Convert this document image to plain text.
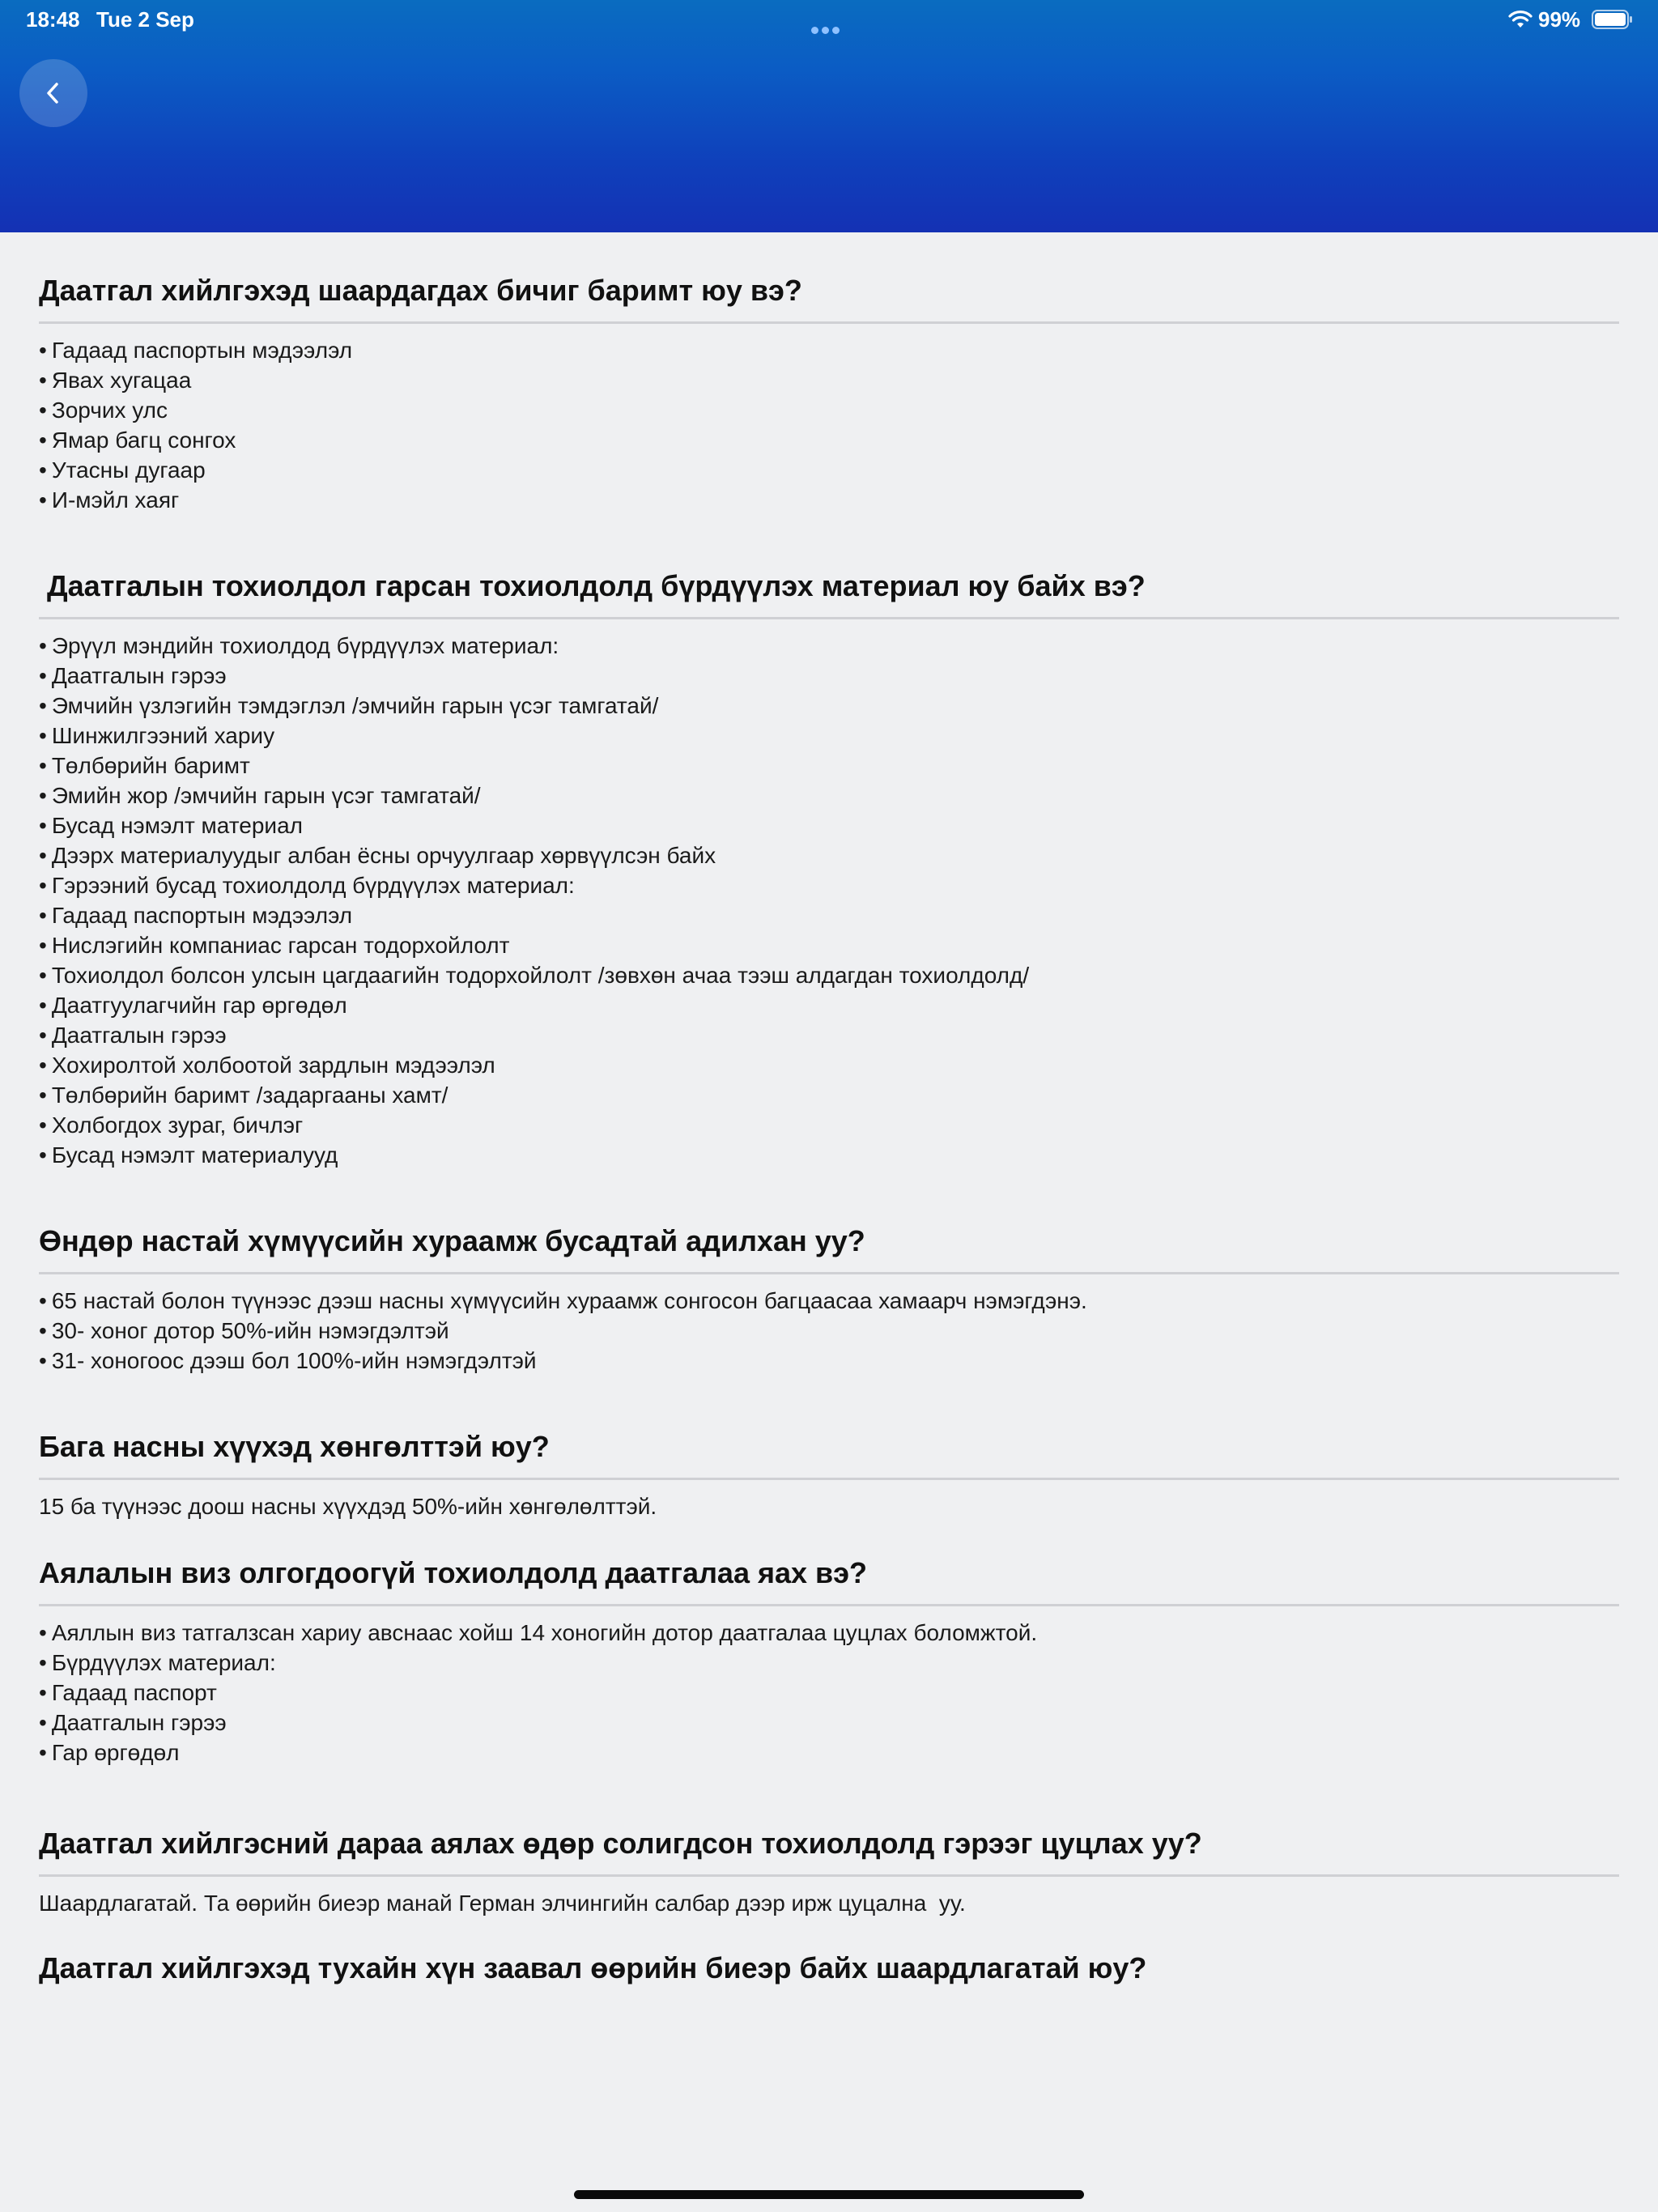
18:48 Tue 2 Sep	99%
Даатгал хийлгэхэд шаардагдах бичиг баримт юу вэ?
• Гадаад паспортын мэдээлэл
• Явах хугацаа
• Зорчих улс
• Ямар багц сонгох
• Утасны дугаар
• И-мэйл хаяг
Даатгалын тохиолдол гарсан тохиолдолд бүрдүүлэх материал юу байх вэ?
• Эрүүл мэндийн тохиолдод бүрдүүлэх материал:
• Даатгалын гэрээ
• Эмчийн үзлэгийн тэмдэглэл /эмчийн гарын үсэг тамгатай/
• Шинжилгээний хариу
• Төлбөрийн баримт
• Эмийн жор /эмчийн гарын үсэг тамгатай/
• Бусад нэмэлт материал
• Дээрх материалуудыг албан ёсны орчуулгаар хөрвүүлсэн байх
• Гэрээний бусад тохиолдолд бүрдүүлэх материал:
• Гадаад паспортын мэдээлэл
• Нислэгийн компаниас гарсан тодорхойлолт
• Тохиолдол болсон улсын цагдаагийн тодорхойлолт /зөвхөн ачаа тээш алдагдан тохиолдолд/
• Даатгуулагчийн гар өргөдөл
• Даатгалын гэрээ
• Хохиролтой холбоотой зардлын мэдээлэл
• Төлбөрийн баримт /задаргааны хамт/
• Холбогдох зураг, бичлэг
• Бусад нэмэлт материалууд
Өндөр настай хүмүүсийн хураамж бусадтай адилхан уу?
• 65 настай болон түүнээс дээш насны хүмүүсийн хураамж сонгосон багцаасаа хамаарч нэмэгдэнэ.
• 30- хоног дотор 50%-ийн нэмэгдэлтэй
• 31- хоногоос дээш бол 100%-ийн нэмэгдэлтэй
Бага насны хүүхэд хөнгөлттэй юу?

15 ба түүнээс доош насны хүүхдэд 50%-ийн хөнгөлөлттэй.

Аялалын виз олгогдоогүй тохиолдолд даатгалаа яах вэ?
• Аяллын виз татгалзсан хариу авснаас хойш 14 хоногийн дотор даатгалаа цуцлах боломжтой.
• Бүрдүүлэх материал:
• Гадаад паспорт
• Даатгалын гэрээ
• Гар өргөдөл
Даатгал хийлгэсний дараа аялах өдөр солигдсон тохиолдолд гэрээг цуцлах уу?

Шаардлагатай. Та өөрийн биеэр манай Герман элчингийн салбар дээр ирж цуцална  уу.

Даатгал хийлгэхэд тухайн хүн заавал өөрийн биеэр байх шаардлагатай юу?
